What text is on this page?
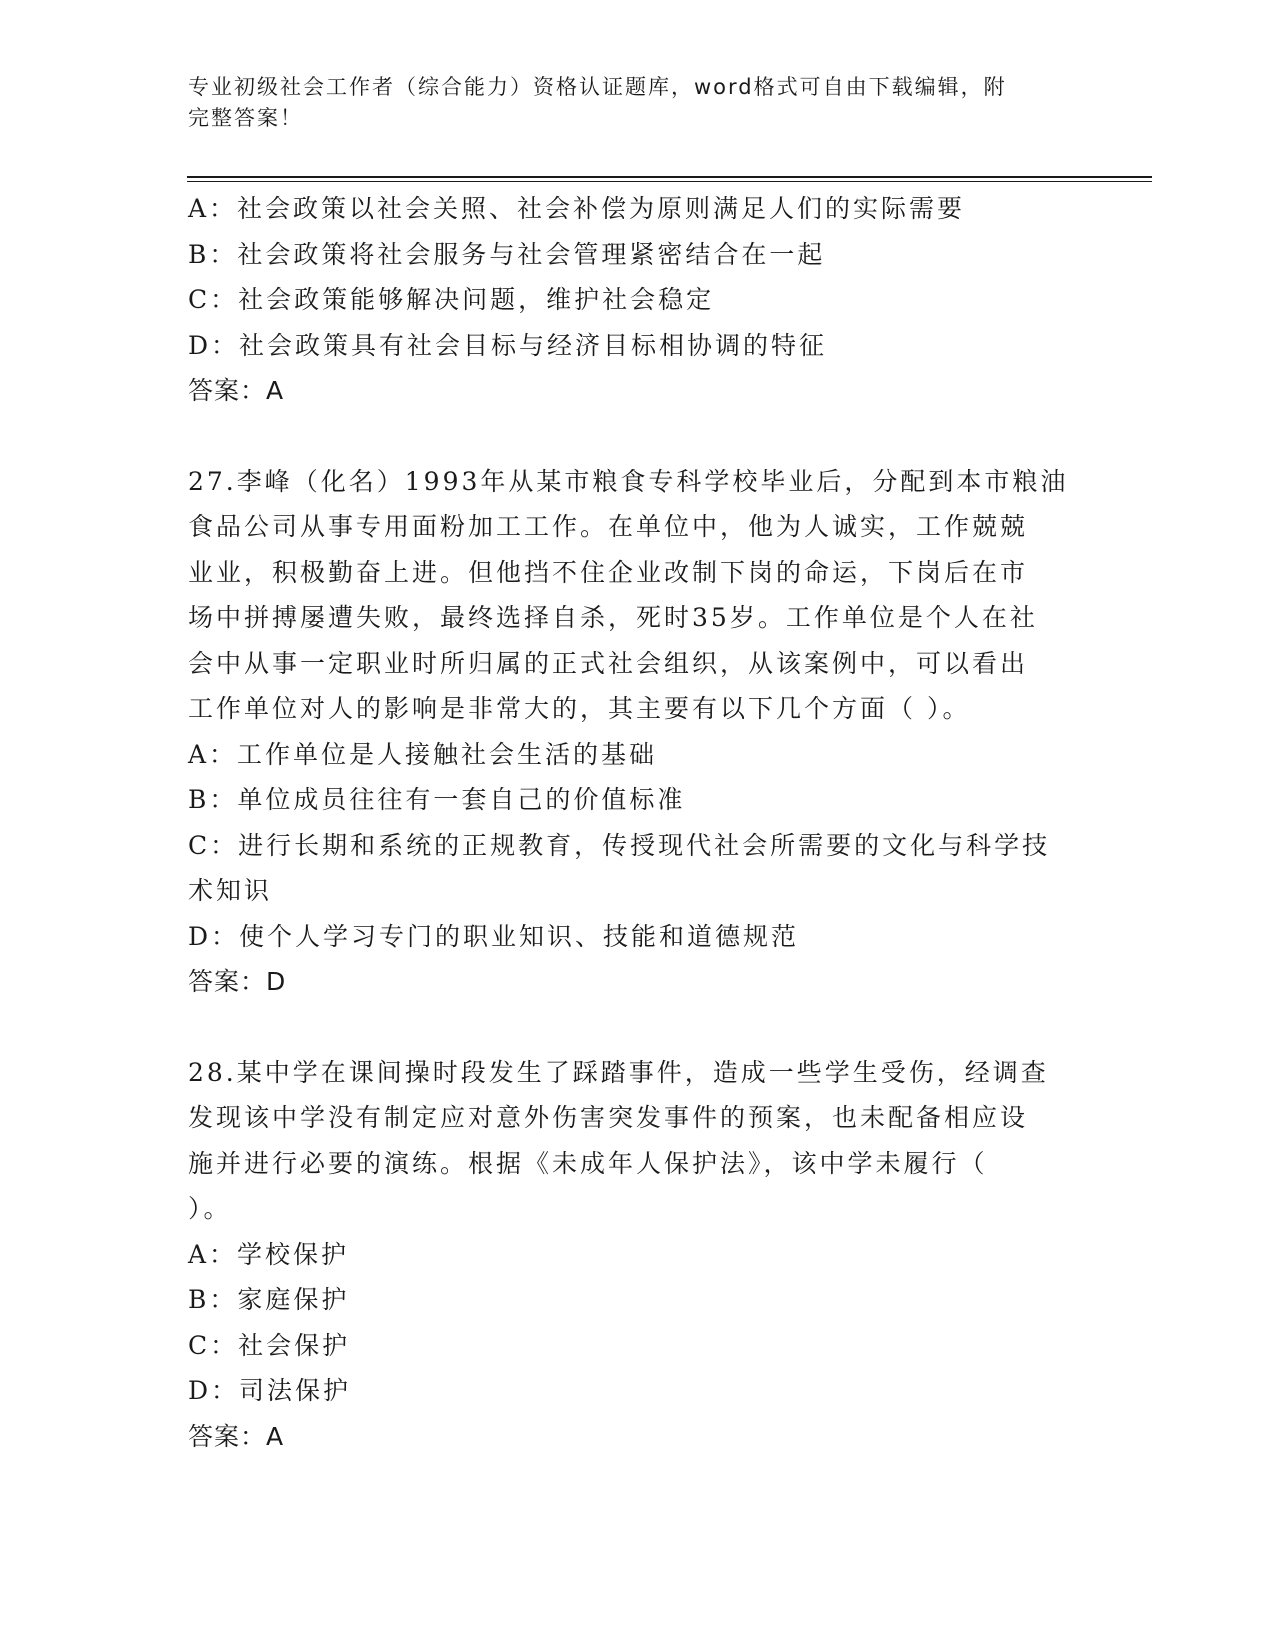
专业初级社会工作者（综合能力）资格认证题库，word格式可自由下载编辑，附
完整答案！
A：社会政策以社会关照、社会补偿为原则满足人们的实际需要
B：社会政策将社会服务与社会管理紧密结合在一起
C：社会政策能够解决问题，维护社会稳定
D：社会政策具有社会目标与经济目标相协调的特征
答案：A
27.李峰（化名）1993年从某市粮食专科学校毕业后，分配到本市粮油
食品公司从事专用面粉加工工作。在单位中，他为人诚实，工作兢兢
业业，积极勤奋上进。但他挡不住企业改制下岗的命运，下岗后在市
场中拼搏屡遭失败，最终选择自杀，死时35岁。工作单位是个人在社
会中从事一定职业时所归属的正式社会组织，从该案例中，可以看出
工作单位对人的影响是非常大的，其主要有以下几个方面（ ）。
A：工作单位是人接触社会生活的基础
B：单位成员往往有一套自己的价值标准
C：进行长期和系统的正规教育，传授现代社会所需要的文化与科学技
术知识
D：使个人学习专门的职业知识、技能和道德规范
答案：D
28.某中学在课间操时段发生了踩踏事件，造成一些学生受伤，经调查
发现该中学没有制定应对意外伤害突发事件的预案，也未配备相应设
施并进行必要的演练。根据《未成年人保护法》，该中学未履行（
）。
A：学校保护
B：家庭保护
C：社会保护
D：司法保护
答案：A
